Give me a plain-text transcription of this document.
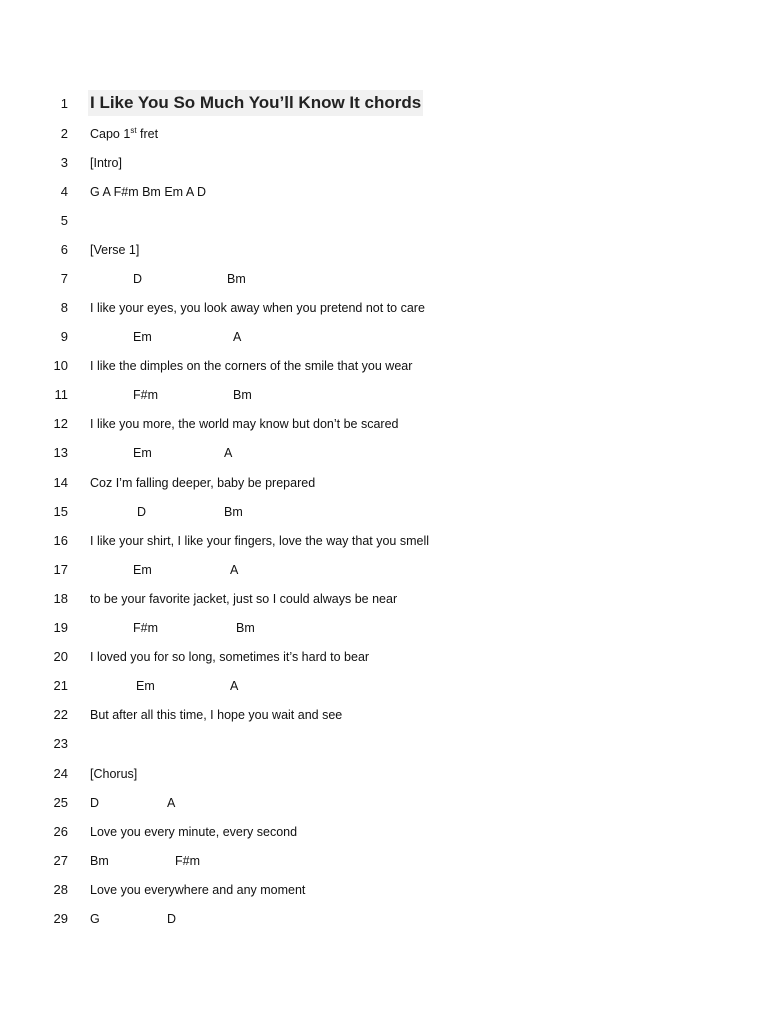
1 I Like You So Much You’ll Know It chords
2 Capo 1st fret
3 [Intro]
4 G A F#m Bm Em A D
5
6 [Verse 1]
7	D	Bm
8 I like your eyes, you look away when you pretend not to care
9	Em	A
10 I like the dimples on the corners of the smile that you wear
11	F#m	Bm
12 I like you more, the world may know but don’t be scared
13	Em	A
14 Coz I’m falling deeper, baby be prepared
15	D	Bm
16 I like your shirt, I like your fingers, love the way that you smell
17	Em	A
18 to be your favorite jacket, just so I could always be near
19	F#m	Bm
20 I loved you for so long, sometimes it’s hard to bear
21	Em	A
22 But after all this time, I hope you wait and see
23
24 [Chorus]
25 D	A
26 Love you every minute, every second
27 Bm	F#m
28 Love you everywhere and any moment
29 G	D
